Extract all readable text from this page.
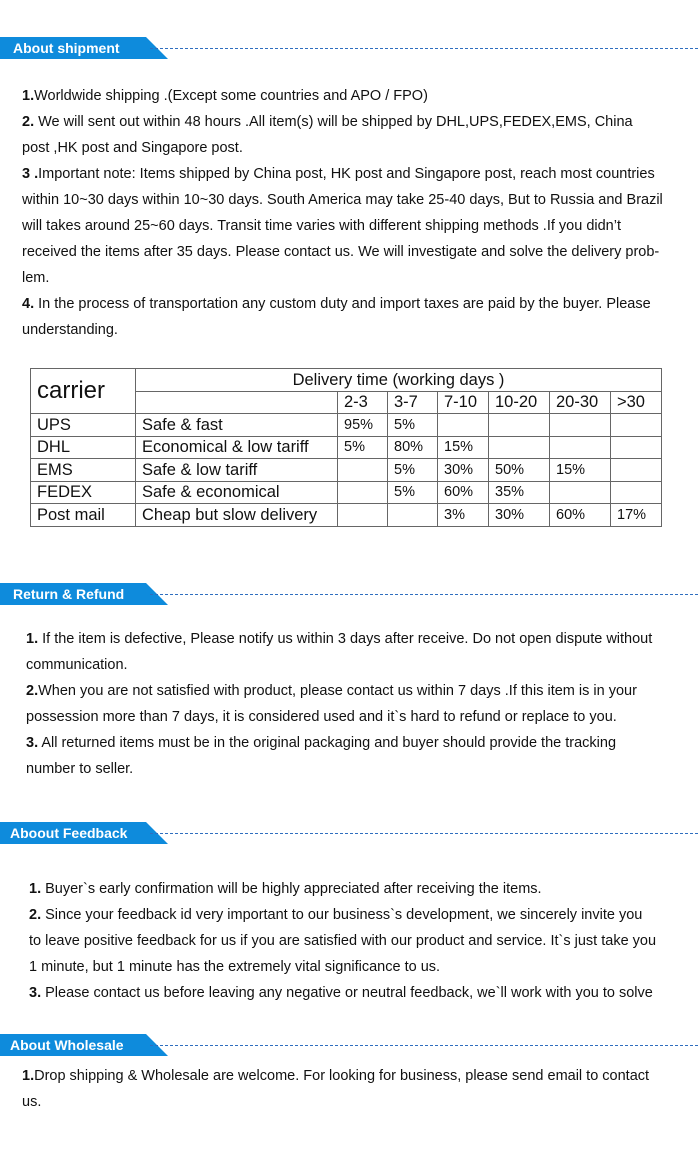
About shipment
1.Worldwide shipping .(Except some countries and APO / FPO)
2. We will sent out within 48 hours .All item(s) will be shipped by DHL,UPS,FEDEX,EMS, China
post ,HK post and Singapore post.
3 .Important note: Items shipped by China post, HK post and Singapore post, reach most countries
within 10~30 days within 10~30 days. South America may take 25-40 days, But to Russia and Brazil
will takes around 25~60 days. Transit time varies with different shipping methods .If you didn’t
received the items after 35 days. Please contact us. We will investigate and solve the delivery prob-
lem.
4. In the process of transportation any custom duty and import taxes are paid by the buyer. Please
understanding.
carrier	Delivery time (working days )						
		2-3	3-7	7-10	10-20	20-30	>30
UPS	Safe & fast	95%	5%				
DHL	Economical & low tariff	5%	80%	15%			
EMS	Safe & low tariff		5%	30%	50%	15%	
FEDEX	Safe & economical		5%	60%	35%		
Post mail	Cheap but slow delivery			3%	30%	60%	17%
Return & Refund
1. If the item is defective, Please notify us within 3 days after receive. Do not open dispute without
communication.
2.When you are not satisfied with product, please contact us within 7 days .If this item is in your
possession more than 7 days, it is considered used and it`s hard to refund or replace to you.
3. All returned items must be in the original packaging and buyer should provide the tracking
number to seller.
Aboout Feedback
1. Buyer`s early confirmation will be highly appreciated after receiving the items.
2. Since your feedback id very important to our business`s development, we sincerely invite you
to leave positive feedback for us if you are satisfied with our product and service. It`s just take you
1 minute, but 1 minute has the extremely vital significance to us.
3. Please contact us before leaving any negative or neutral feedback, we`ll work with you to solve
About Wholesale
1.Drop shipping & Wholesale are welcome. For looking for business, please send email to contact
us.
